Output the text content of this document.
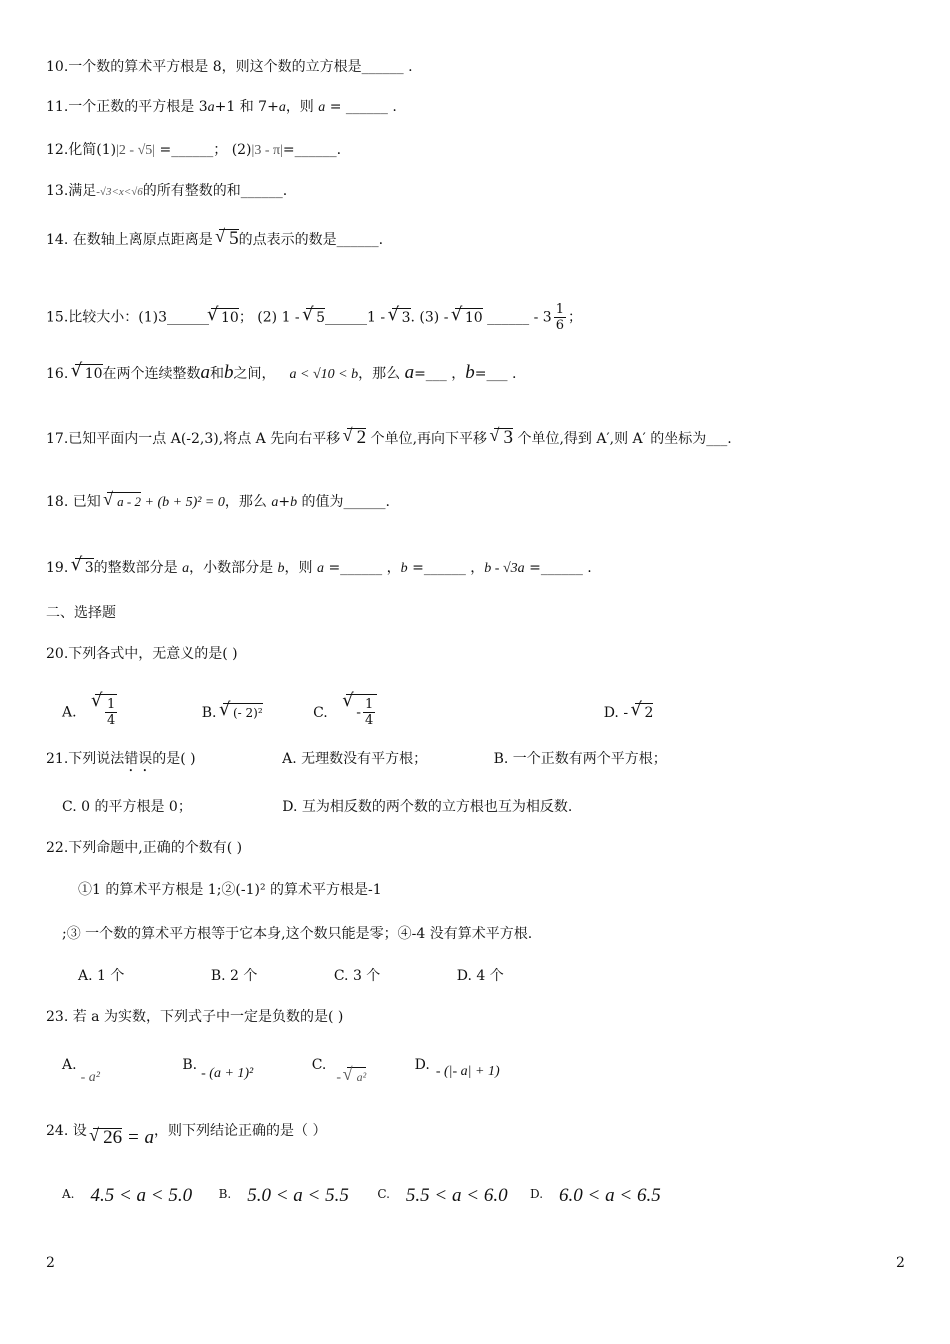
10.一个数的算术平方根是 8，则这个数的立方根是______ .
11.一个正数的平方根是 3a+1 和 7+a，则 a = ______ .
12.化简(1)|2 - √5| =______； (2)|3 - π|=______.
13.满足-√3<x<√6的所有整数的和______.
14. 在数轴上离原点距离是 √ 5的点表示的数是______.
15.比较大小：(1)3______ √ 10； (2) 1 - √ 5______1 - √ 3. (3) - √ 10 ______ - $3 \frac{1}{6}$ ；
16. √ 10在两个连续整数a和b之间， a < √10 < b，那么 a=___ ，b=___ .
17.已知平面内一点 A(-2,3),将点 A 先向右平移 √ 2 个单位,再向下平移 √ 3 个单位,得到 A′,则 A′ 的坐标为___.
18. 已知 √ a - 2 + (b + 5)² = 0，那么 a+b 的值为______.
19. √ 3的整数部分是 a，小数部分是 b，则 a =______ ，b =______ ，b - √3a =______ .
二、选择题
20.下列各式中，无意义的是( )
A. √ $\frac{1}{4}$	B. √ (- 2)²	C. √ - $\frac{1}{4}$	D. - √ 2
21.下列说法错误的是( )	A. 无理数没有平方根；	B. 一个正数有两个平方根；
C. 0 的平方根是 0；	D. 互为相反数的两个数的立方根也互为相反数.
22.下列命题中,正确的个数有( )
①1 的算术平方根是 1;②(-1)² 的算术平方根是-1
;③ 一个数的算术平方根等于它本身,这个数只能是零；④-4 没有算术平方根.
A. 1 个	B. 2 个	C. 3 个	D. 4 个
23. 若 a 为实数，下列式子中一定是负数的是( )
A.- a² B.- (a + 1)² C.- √ a² D. - (|- a| + 1)
24. 设 √ 26 = a，则下列结论正确的是（ ）
A. 4.5 < a < 5.0 B. 5.0 < a < 5.5 C. 5.5 < a < 6.0 D. 6.0 < a < 6.5
2	2
